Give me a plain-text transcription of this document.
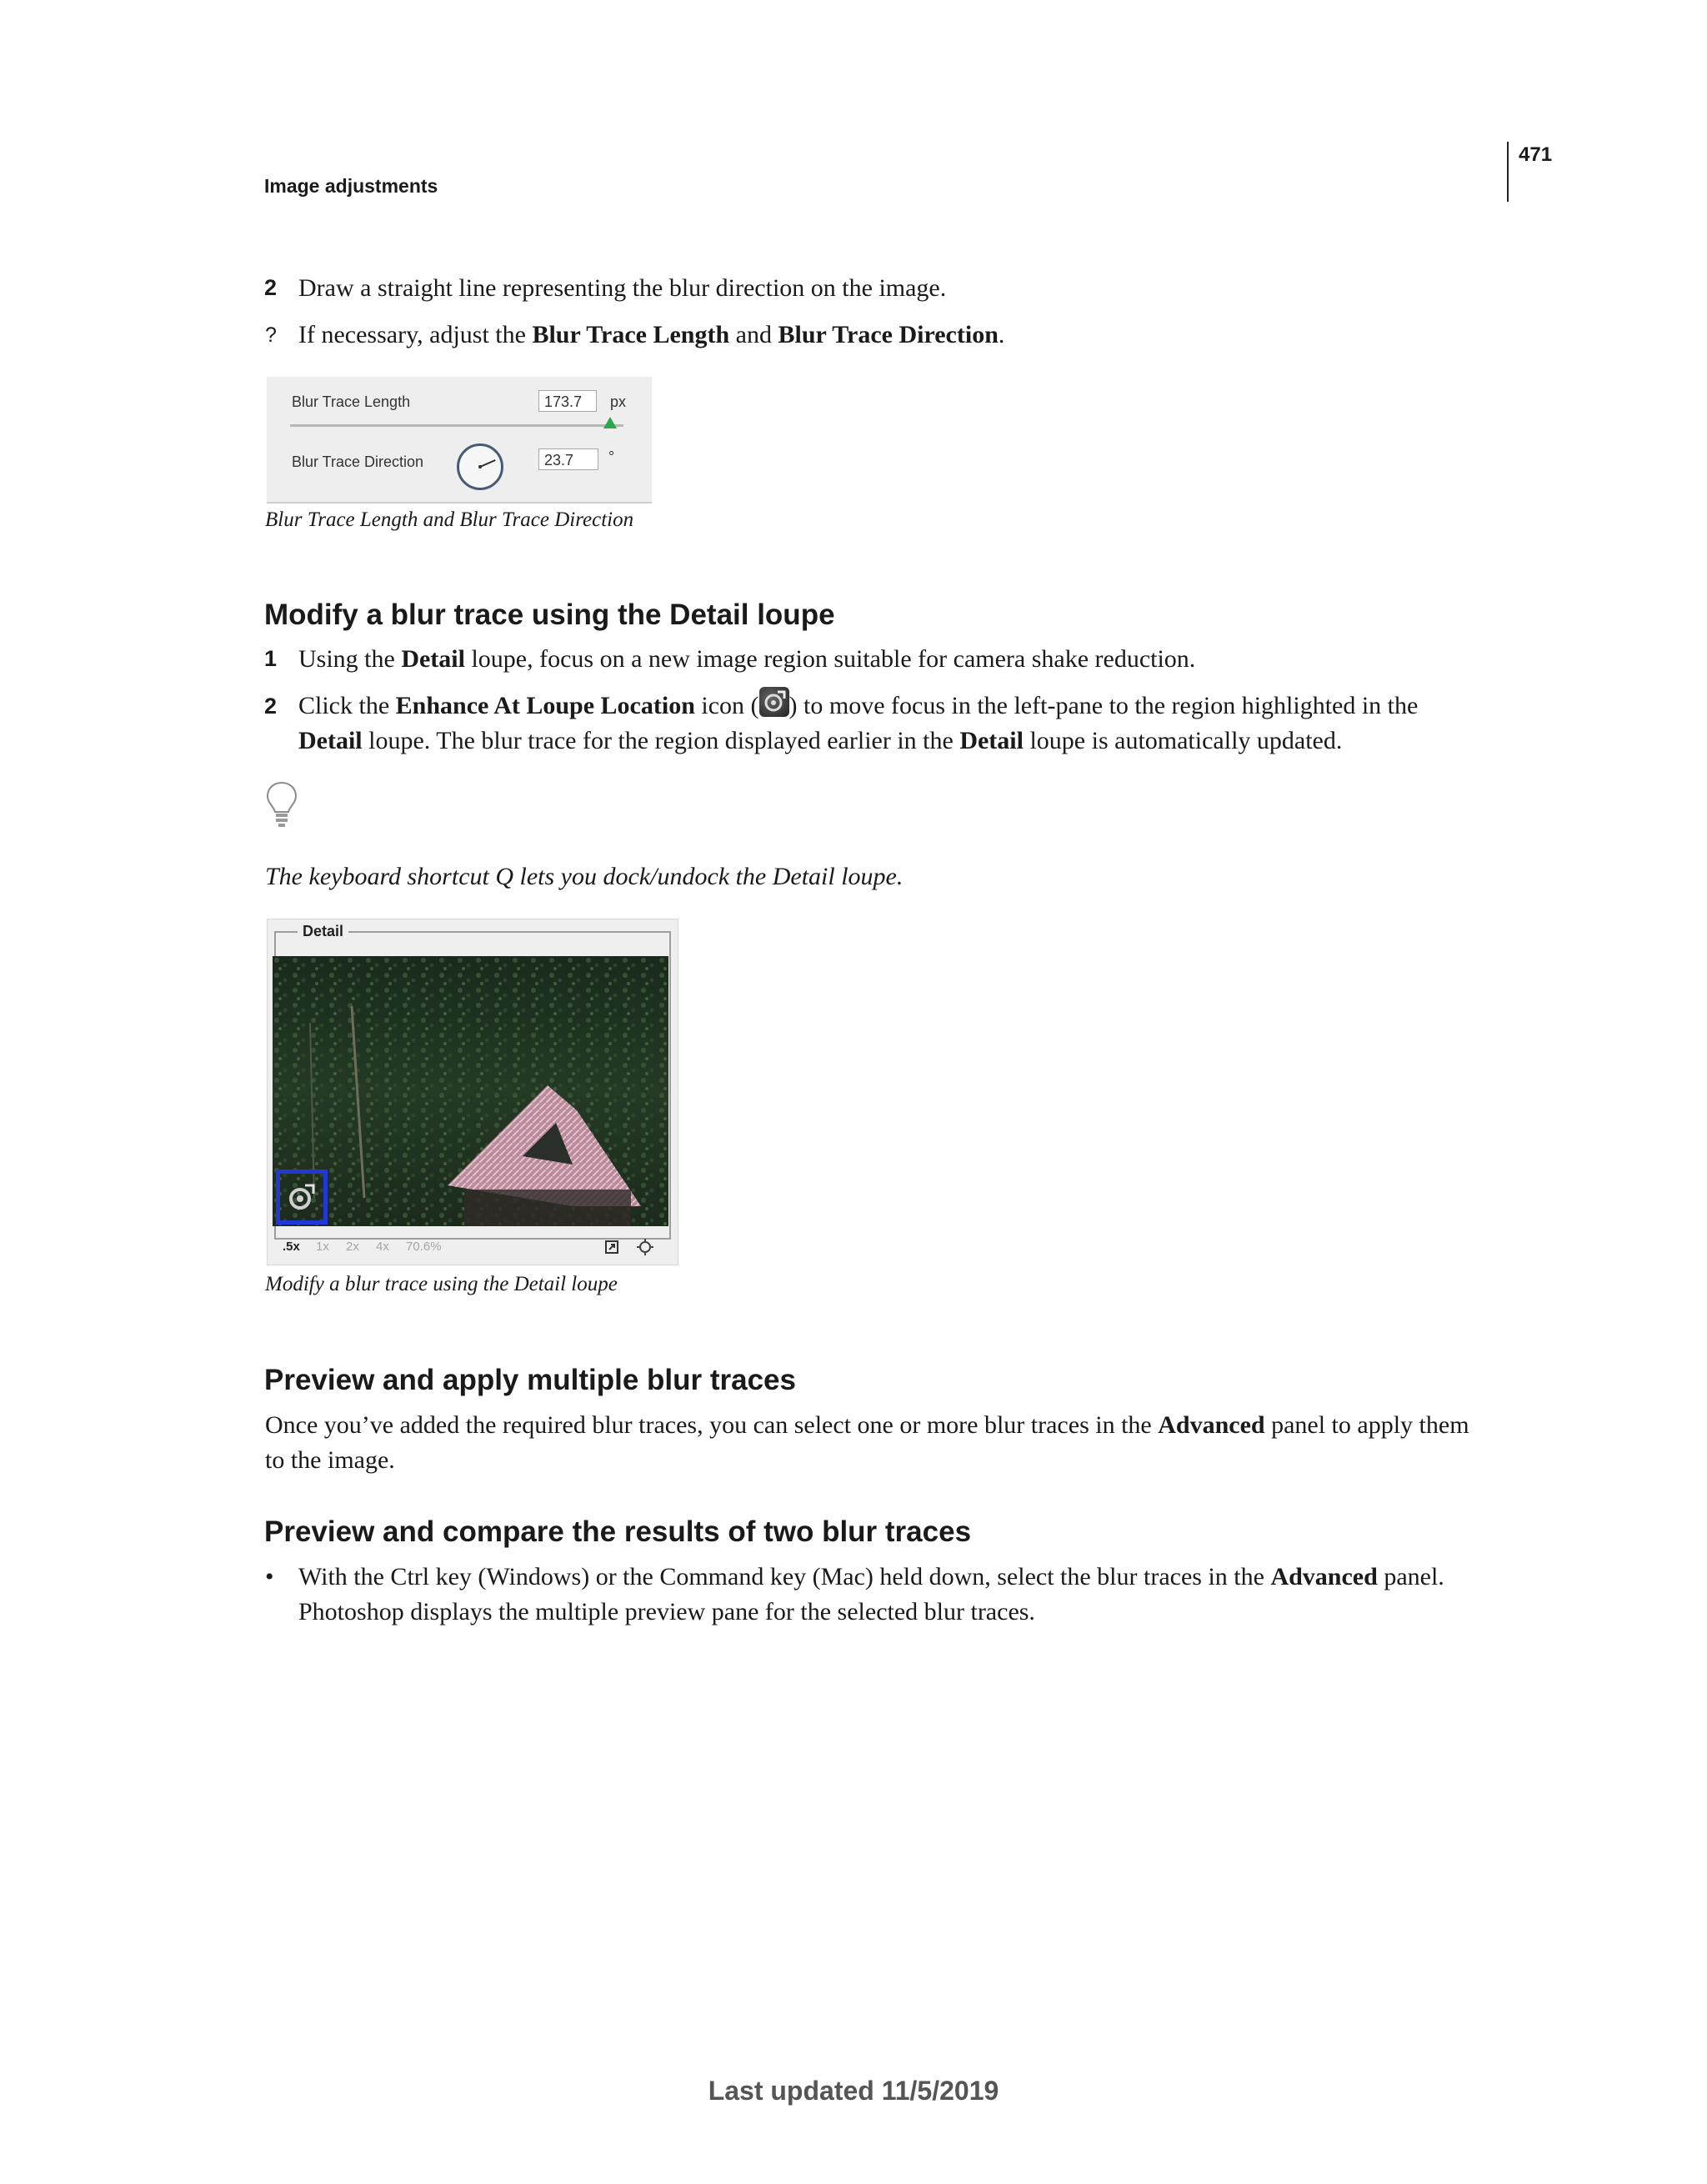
471
Image adjustments
2 Draw a straight line representing the blur direction on the image.
? If necessary, adjust the Blur Trace Length and Blur Trace Direction.
Blur Trace Length	173.7	px
Blur Trace Direction	23.7	°
Blur Trace Length and Blur Trace Direction
Modify a blur trace using the Detail loupe
1 Using the Detail loupe, focus on a new image region suitable for camera shake reduction.
2 Click the Enhance At Loupe Location icon ( ) to move focus in the left-pane to the region highlighted in the
Detail loupe. The blur trace for the region displayed earlier in the Detail loupe is automatically updated.
The keyboard shortcut Q lets you dock/undock the Detail loupe.
Detail
.5x 1x 2x 4x 70.6%
Modify a blur trace using the Detail loupe
Preview and apply multiple blur traces
Once you’ve added the required blur traces, you can select one or more blur traces in the Advanced panel to apply them
to the image.
Preview and compare the results of two blur traces
• With the Ctrl key (Windows) or the Command key (Mac) held down, select the blur traces in the Advanced panel.
Photoshop displays the multiple preview pane for the selected blur traces.
Last updated 11/5/2019
